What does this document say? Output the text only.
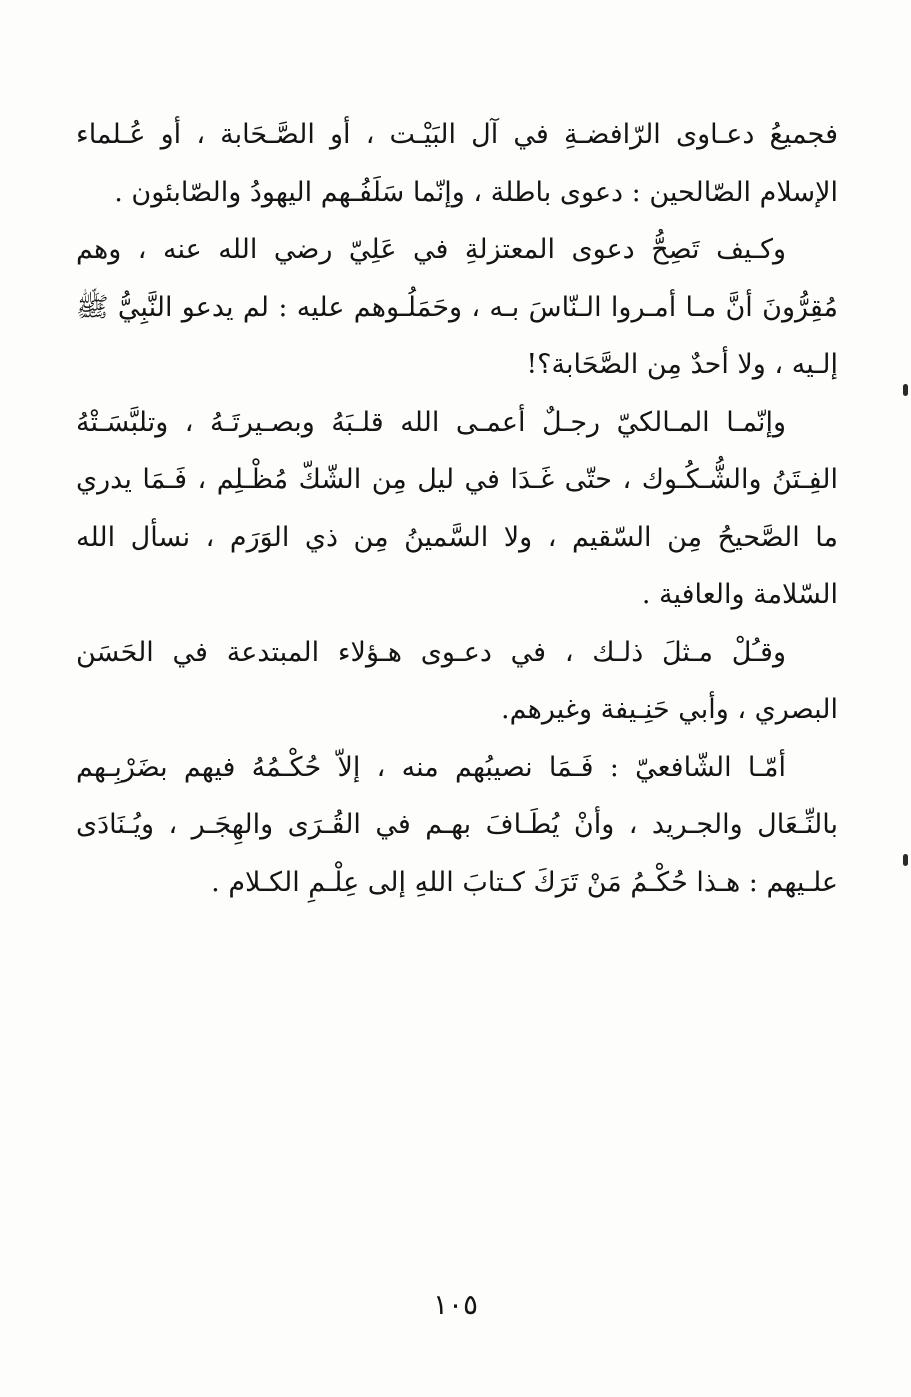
فجميعُ دعـاوى الرّافضـةِ في آل البَيْـت ، أو الصَّـحَابة ، أو عُـلماء الإسلام الصّالحين : دعوى باطلة ، وإنّما سَلَفُـهم اليهودُ والصّابئون .

وكـيف تَصِحُّ دعوى المعتزلةِ في عَلِيّ رضي الله عنه ، وهم مُقِرُّونَ أنَّ مـا أمـروا الـنّاسَ بـه ، وحَمَلُـوهم عليه : لم يدعو النَّبِيُّ ﷺ إلـيه ، ولا أحدٌ مِن الصَّحَابة؟!

وإنّمـا المـالكيّ رجـلٌ أعمـى الله قلـبَهُ وبصـيرتَـهُ ، وتلبَّسَـتْهُ الفِـتَنُ والشُّـكُـوك ، حتّى غَـدَا في ليل مِن الشّكّ مُظْـلِم ، فَـمَا يدري ما الصَّحيحُ مِن السّقيم ، ولا السَّمينُ مِن ذي الوَرَم ، نسأل الله السّلامة والعافية .

وقـُلْ مـثلَ ذلـك ، في دعـوى هـؤلاء المبتدعة في الحَسَن البصري ، وأبي حَنِـيفة وغيرهم.

أمّـا الشّافعيّ : فَـمَا نصيبُهم منه ، إلاّ حُكْـمُهُ فيهم بضَرْبِـهم بالنِّـعَال والجـريد ، وأنْ يُطَـافَ بهـم في القُـرَى والهِجَـر ، ويُـنَادَى علـيهم : هـذا حُكْـمُ مَنْ تَرَكَ كـتابَ اللهِ إلى عِلْـمِ الكـلام .

١٠٥
